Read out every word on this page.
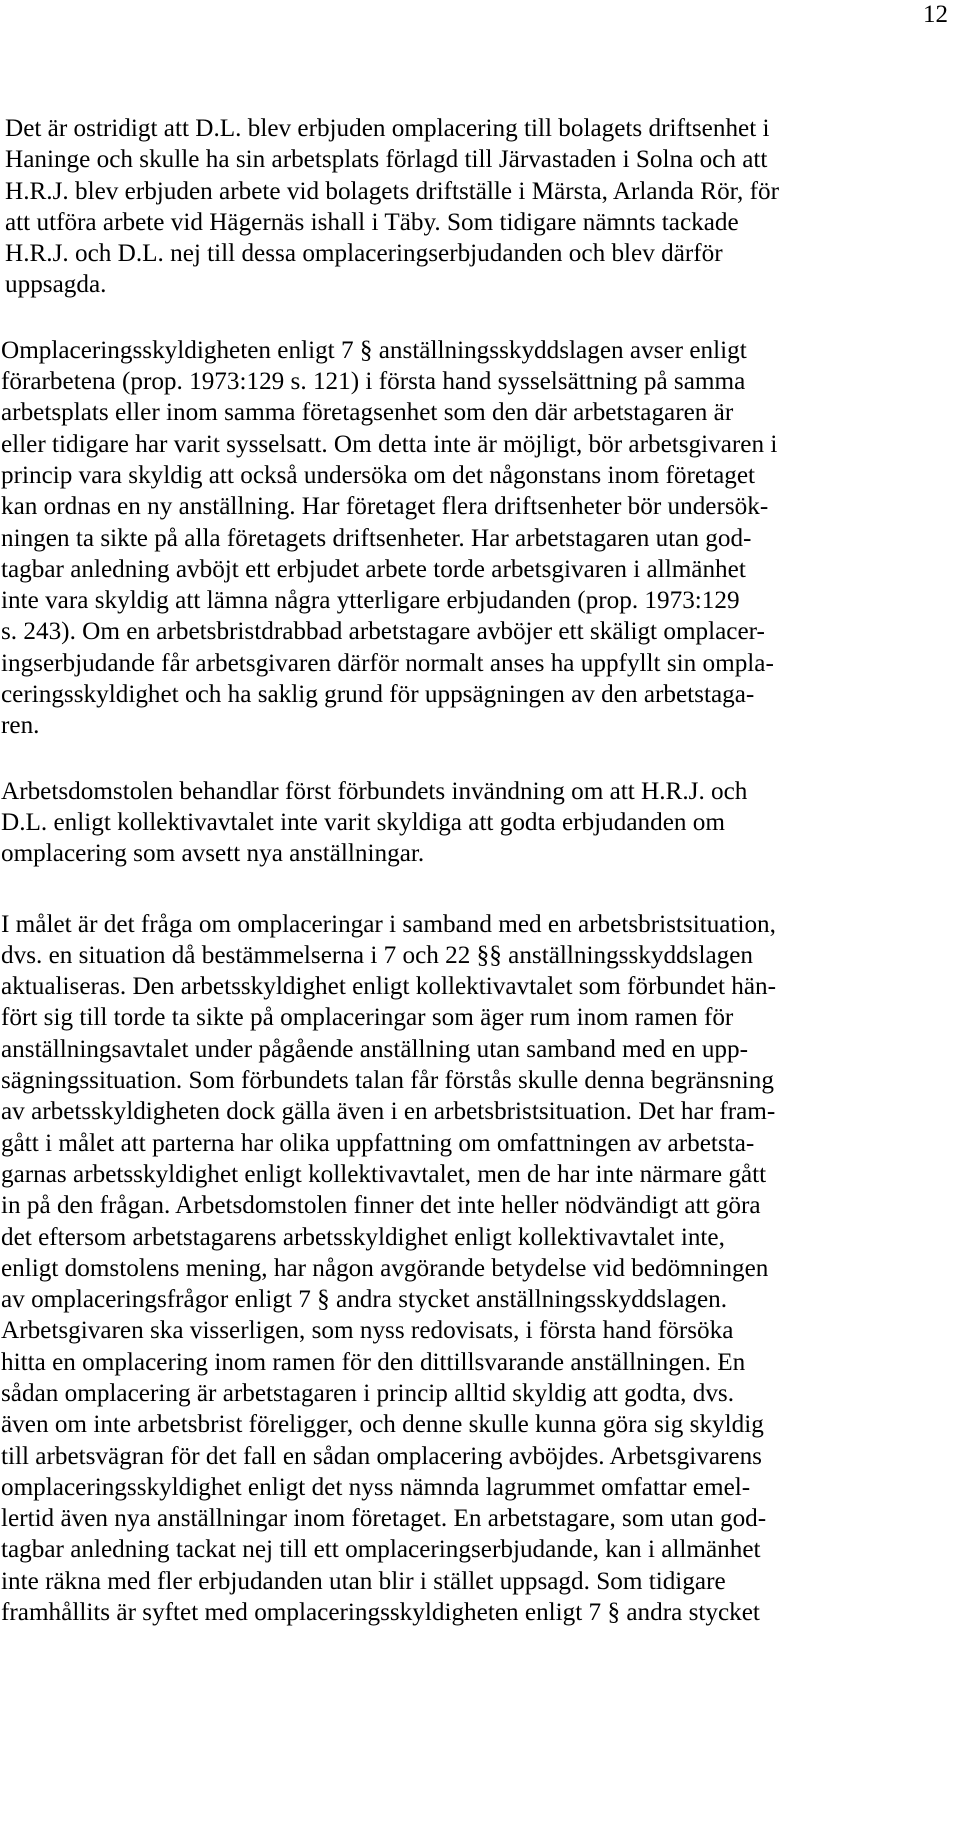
12
Det är ostridigt att D.L. blev erbjuden omplacering till bolagets driftsenhet i
Haninge och skulle ha sin arbetsplats förlagd till Järvastaden i Solna och att
H.R.J. blev erbjuden arbete vid bolagets driftställe i Märsta, Arlanda Rör, för
att utföra arbete vid Hägernäs ishall i Täby. Som tidigare nämnts tackade
H.R.J. och D.L. nej till dessa omplaceringserbjudanden och blev därför
uppsagda.
Omplaceringsskyldigheten enligt 7 § anställningsskyddslagen avser enligt
förarbetena (prop. 1973:129 s. 121) i första hand sysselsättning på samma
arbetsplats eller inom samma företagsenhet som den där arbetstagaren är
eller tidigare har varit sysselsatt. Om detta inte är möjligt, bör arbetsgivaren i
princip vara skyldig att också undersöka om det någonstans inom företaget
kan ordnas en ny anställning. Har företaget flera driftsenheter bör undersök-
ningen ta sikte på alla företagets driftsenheter. Har arbetstagaren utan god-
tagbar anledning avböjt ett erbjudet arbete torde arbetsgivaren i allmänhet
inte vara skyldig att lämna några ytterligare erbjudanden (prop. 1973:129
s. 243). Om en arbetsbristdrabbad arbetstagare avböjer ett skäligt omplacer-
ingserbjudande får arbetsgivaren därför normalt anses ha uppfyllt sin ompla-
ceringsskyldighet och ha saklig grund för uppsägningen av den arbetstaga-
ren.
Arbetsdomstolen behandlar först förbundets invändning om att H.R.J. och
D.L. enligt kollektivavtalet inte varit skyldiga att godta erbjudanden om
omplacering som avsett nya anställningar.
I målet är det fråga om omplaceringar i samband med en arbetsbristsituation,
dvs. en situation då bestämmelserna i 7 och 22 §§ anställningsskyddslagen
aktualiseras. Den arbetsskyldighet enligt kollektivavtalet som förbundet hän-
fört sig till torde ta sikte på omplaceringar som äger rum inom ramen för
anställningsavtalet under pågående anställning utan samband med en upp-
sägningssituation. Som förbundets talan får förstås skulle denna begränsning
av arbetsskyldigheten dock gälla även i en arbetsbristsituation. Det har fram-
gått i målet att parterna har olika uppfattning om omfattningen av arbetsta-
garnas arbetsskyldighet enligt kollektivavtalet, men de har inte närmare gått
in på den frågan. Arbetsdomstolen finner det inte heller nödvändigt att göra
det eftersom arbetstagarens arbetsskyldighet enligt kollektivavtalet inte,
enligt domstolens mening, har någon avgörande betydelse vid bedömningen
av omplaceringsfrågor enligt 7 § andra stycket anställningsskyddslagen.
Arbetsgivaren ska visserligen, som nyss redovisats, i första hand försöka
hitta en omplacering inom ramen för den dittillsvarande anställningen. En
sådan omplacering är arbetstagaren i princip alltid skyldig att godta, dvs.
även om inte arbetsbrist föreligger, och denne skulle kunna göra sig skyldig
till arbetsvägran för det fall en sådan omplacering avböjdes. Arbetsgivarens
omplaceringsskyldighet enligt det nyss nämnda lagrummet omfattar emel-
lertid även nya anställningar inom företaget. En arbetstagare, som utan god-
tagbar anledning tackat nej till ett omplaceringserbjudande, kan i allmänhet
inte räkna med fler erbjudanden utan blir i stället uppsagd. Som tidigare
framhållits är syftet med omplaceringsskyldigheten enligt 7 § andra stycket
